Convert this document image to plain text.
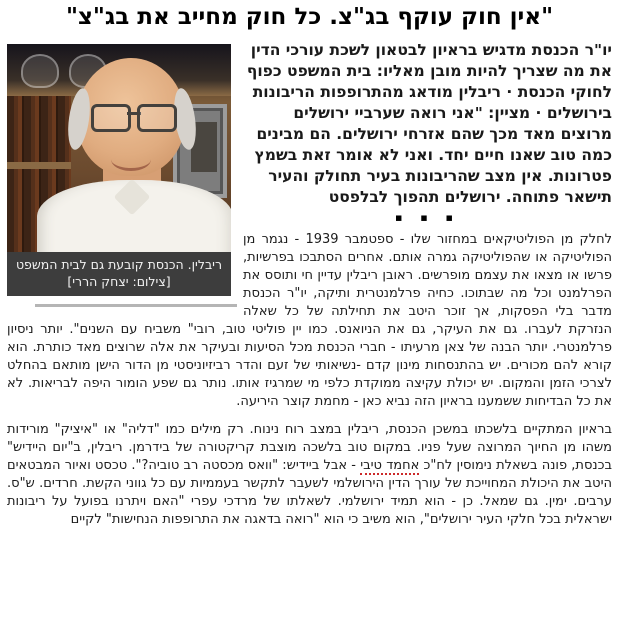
"אין חוק עוקף בג"צ. כל חוק מחייב את בג"צ"
ריבלין. הכנסת קובעת גם לבית המשפט
[צילום: יצחק הררי]

יו"ר הכנסת מדגיש בראיון לבטאון לשכת עורכי הדין את מה שצריך להיות מובן מאליו: בית המשפט כפוף לחוקי הכנסת · ריבלין מודאג מהתרופפות הריבונות בירושלים · מציין: "אני רואה שערביי ירושלים מרוצים מאד מכך שהם אזרחי ירושלים. הם מבינים כמה טוב שאנו חיים יחד. ואני לא אומר זאת בשמץ פטרונות. אין מצב שהריבונות בעיר תחולק והעיר תישאר פתוחה. ירושלים תהפוך לבלפסט

▪ ▪ ▪

לחלק מן הפוליטיקאים במחזור שלו - ספטמבר 1939 - נגמר מן הפוליטיקה או שהפוליטיקה גמרה אותם. אחרים הסתבכו בפרשיות, פרשו או מצאו את עצמם מופרשים. ראובן ריבלין עדיין חי ותוסס את הפרלמנט וכל מה שבתוכו. כחיה פרלמנטרית ותיקה, יו"ר הכנסת מדבר בלי הפסקות, אך זוכר היטב את תחילתה של כל שאלה הנזרקת לעברו. גם את העיקר, גם את הניואנס. כמו יין פוליטי טוב, רובי" משביח עם השנים". יותר ניסיון פרלמנטרי. יותר הבנה של צאן מרעיתו - חברי הכנסת מכל הסיעות ובעיקר את אלה שרוצים מאד כותרת. הוא קורא להם מכורים. יש בהתנסחות מינון קדם -נשיאותי של זעם והדר רביזיוניסטי מן הדור הישן מותאם בהחלט לצרכי הזמן והמקום. יש יכולת עקיצה ממוקדת כלפי מי שמרגיז אותו. נותר גם שפע הומור היפה לבריאות. לא את כל הבדיחות ששמענו בראיון הזה נביא כאן - מחמת קוצר היריעה.

בראיון המתקיים בלשכתו במשכן הכנסת, ריבלין במצב רוח נינוח. רק מילים כמו "דליה" או "איציק" מורידות משהו מן החיוך המרוצה שעל פניו. במקום טוב בלשכה מוצבת קריקטורה של בידרמן. ריבלין, ב"יום היידיש" בכנסת, פונה בשאלת נימוסין לח"כ אחמד טיבי - אבל ביידיש: "וואס מכסטה רב טוביה?". טכסט ואיור המבטאים היטב את היכולת המחוייכת של עורך הדין הירושלמי לשעבר לתקשר בעממיות עם כל גווני הקשת. חרדים. ש"ס. ערבים. ימין. גם שמאל. כן - הוא תמיד ירושלמי. לשאלתו של מרדכי עפרי "האם ויתרנו בפועל על ריבונות ישראלית בכל חלקי העיר ירושלים", הוא משיב כי הוא "רואה בדאגה את התרופפות הנחישות" לקיים
